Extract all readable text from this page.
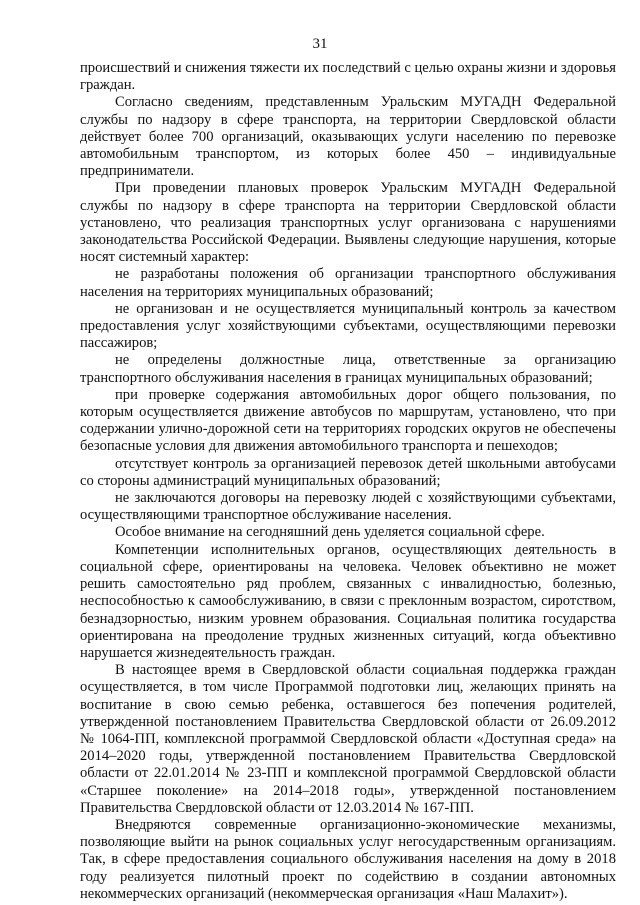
31

происшествий и снижения тяжести их последствий с целью охраны жизни и здоровья граждан.

Согласно сведениям, представленным Уральским МУГАДН Федеральной службы по надзору в сфере транспорта, на территории Свердловской области действует более 700 организаций, оказывающих услуги населению по перевозке автомобильным транспортом, из которых более 450 – индивидуальные предприниматели.

При проведении плановых проверок Уральским МУГАДН Федеральной службы по надзору в сфере транспорта на территории Свердловской области установлено, что реализация транспортных услуг организована с нарушениями законодательства Российской Федерации. Выявлены следующие нарушения, которые носят системный характер:

не разработаны положения об организации транспортного обслуживания населения на территориях муниципальных образований;

не организован и не осуществляется муниципальный контроль за качеством предоставления услуг хозяйствующими субъектами, осуществляющими перевозки пассажиров;

не определены должностные лица, ответственные за организацию транспортного обслуживания населения в границах муниципальных образований;

при проверке содержания автомобильных дорог общего пользования, по которым осуществляется движение автобусов по маршрутам, установлено, что при содержании улично-дорожной сети на территориях городских округов не обеспечены безопасные условия для движения автомобильного транспорта и пешеходов;

отсутствует контроль за организацией перевозок детей школьными автобусами со стороны администраций муниципальных образований;

не заключаются договоры на перевозку людей с хозяйствующими субъектами, осуществляющими транспортное обслуживание населения.

Особое внимание на сегодняшний день уделяется социальной сфере.

Компетенции исполнительных органов, осуществляющих деятельность в социальной сфере, ориентированы на человека. Человек объективно не может решить самостоятельно ряд проблем, связанных с инвалидностью, болезнью, неспособностью к самообслуживанию, в связи с преклонным возрастом, сиротством, безнадзорностью, низким уровнем образования. Социальная политика государства ориентирована на преодоление трудных жизненных ситуаций, когда объективно нарушается жизнедеятельность граждан.

В настоящее время в Свердловской области социальная поддержка граждан осуществляется, в том числе Программой подготовки лиц, желающих принять на воспитание в свою семью ребенка, оставшегося без попечения родителей, утвержденной постановлением Правительства Свердловской области от 26.09.2012 № 1064-ПП, комплексной программой Свердловской области «Доступная среда» на 2014–2020 годы, утвержденной постановлением Правительства Свердловской области от 22.01.2014 № 23-ПП и комплексной программой Свердловской области «Старшее поколение» на 2014–2018 годы», утвержденной постановлением Правительства Свердловской области от 12.03.2014 № 167-ПП.

Внедряются современные организационно-экономические механизмы, позволяющие выйти на рынок социальных услуг негосударственным организациям. Так, в сфере предоставления социального обслуживания населения на дому в 2018 году реализуется пилотный проект по содействию в создании автономных некоммерческих организаций (некоммерческая организация «Наш Малахит»).
